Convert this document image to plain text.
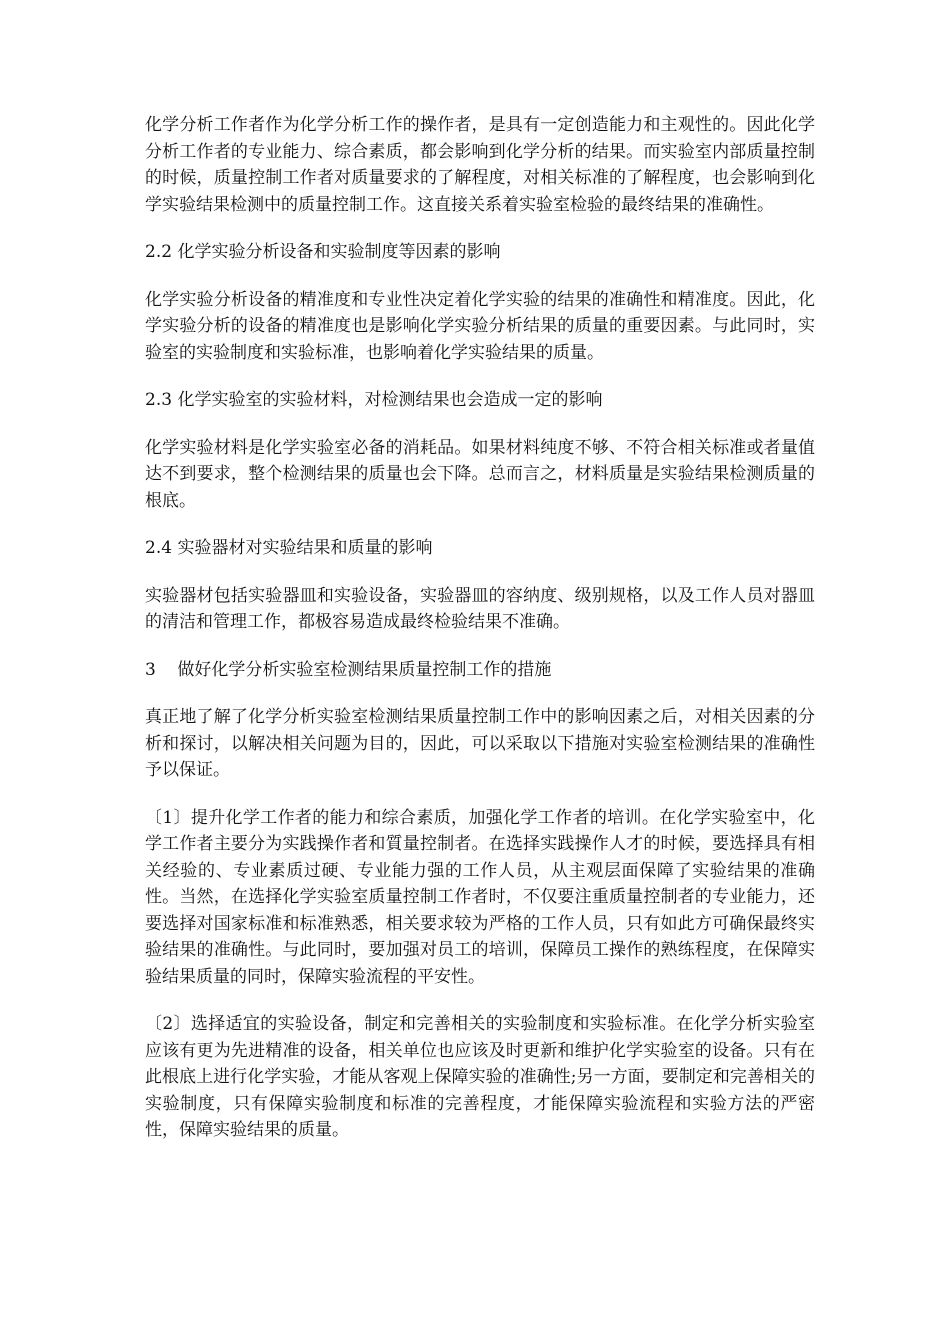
化学分析工作者作为化学分析工作的操作者，是具有一定创造能力和主观性的。因此化学分析工作者的专业能力、综合素质，都会影响到化学分析的结果。而实验室内部质量控制的时候，质量控制工作者对质量要求的了解程度，对相关标准的了解程度，也会影响到化学实验结果检测中的质量控制工作。这直接关系着实验室检验的最终结果的准确性。

2.2 化学实验分析设备和实验制度等因素的影响

化学实验分析设备的精准度和专业性决定着化学实验的结果的准确性和精准度。因此，化学实验分析的设备的精准度也是影响化学实验分析结果的质量的重要因素。与此同时，实验室的实验制度和实验标准，也影响着化学实验结果的质量。

2.3 化学实验室的实验材料，对检测结果也会造成一定的影响

化学实验材料是化学实验室必备的消耗品。如果材料纯度不够、不符合相关标准或者量值达不到要求，整个检测结果的质量也会下降。总而言之，材料质量是实验结果检测质量的根底。

2.4 实验器材对实验结果和质量的影响

实验器材包括实验器皿和实验设备，实验器皿的容纳度、级别规格，以及工作人员对器皿的清洁和管理工作，都极容易造成最终检验结果不准确。

3    做好化学分析实验室检测结果质量控制工作的措施

真正地了解了化学分析实验室检测结果质量控制工作中的影响因素之后，对相关因素的分析和探讨，以解决相关问题为目的，因此，可以采取以下措施对实验室检测结果的准确性予以保证。

〔1〕提升化学工作者的能力和综合素质，加强化学工作者的培训。在化学实验室中，化学工作者主要分为实践操作者和質量控制者。在选择实践操作人才的时候，要选择具有相关经验的、专业素质过硬、专业能力强的工作人员，从主观层面保障了实验结果的准确性。当然，在选择化学实验室质量控制工作者时，不仅要注重质量控制者的专业能力，还要选择对国家标准和标准熟悉，相关要求较为严格的工作人员，只有如此方可确保最终实验结果的准确性。与此同时，要加强对员工的培训，保障员工操作的熟练程度，在保障实验结果质量的同时，保障实验流程的平安性。

〔2〕选择适宜的实验设备，制定和完善相关的实验制度和实验标准。在化学分析实验室应该有更为先进精准的设备，相关单位也应该及时更新和维护化学实验室的设备。只有在此根底上进行化学实验，才能从客观上保障实验的准确性;另一方面，要制定和完善相关的实验制度，只有保障实验制度和标准的完善程度，才能保障实验流程和实验方法的严密性，保障实验结果的质量。
